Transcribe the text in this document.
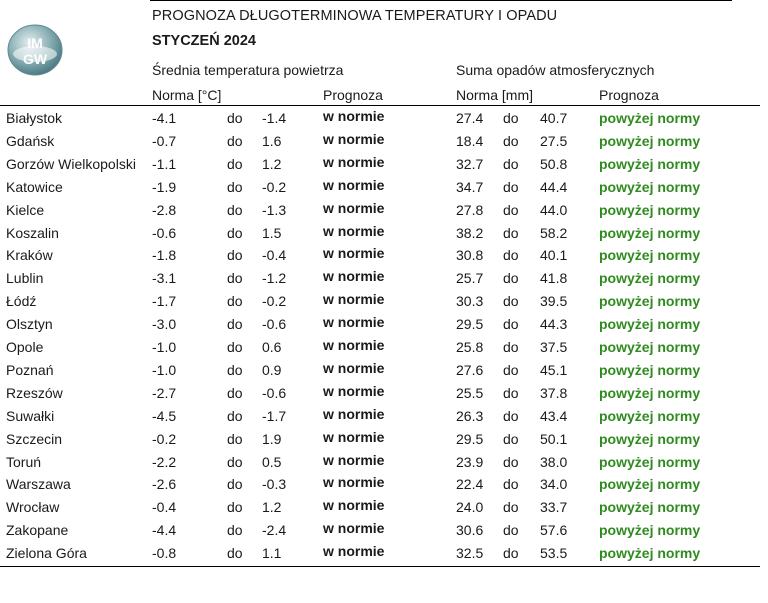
IM
GW
PROGNOZA DŁUGOTERMINOWA TEMPERATURY I OPADU
STYCZEŃ 2024
Średnia temperatura powietrza	Suma opadów atmosferycznych
Norma [°C]	Prognoza	Norma [mm]	Prognoza
Białystok	-4.1	do -1.4	w normie	27.4 do 40.7 powyżej normy
Gdańsk	-0.7	do 1.6	w normie	18.4 do 27.5 powyżej normy
Gorzów Wielkopolski -1.1	do 1.2	w normie	32.7 do 50.8 powyżej normy
Katowice	-1.9	do -0.2	w normie	34.7 do 44.4 powyżej normy
Kielce	-2.8	do -1.3	w normie	27.8 do 44.0 powyżej normy
Koszalin	-0.6	do 1.5	w normie	38.2 do 58.2 powyżej normy
Kraków	-1.8	do -0.4	w normie	30.8 do 40.1 powyżej normy
Lublin	-3.1	do -1.2	w normie	25.7 do 41.8 powyżej normy
Łódź	-1.7	do -0.2	w normie	30.3 do 39.5 powyżej normy
Olsztyn	-3.0	do -0.6	w normie	29.5 do 44.3 powyżej normy
Opole	-1.0	do 0.6	w normie	25.8 do 37.5 powyżej normy
Poznań	-1.0	do 0.9	w normie	27.6 do 45.1 powyżej normy
Rzeszów	-2.7	do -0.6	w normie	25.5 do 37.8 powyżej normy
Suwałki	-4.5	do -1.7	w normie	26.3 do 43.4 powyżej normy
Szczecin	-0.2	do 1.9	w normie	29.5 do 50.1 powyżej normy
Toruń	-2.2	do 0.5	w normie	23.9 do 38.0 powyżej normy
Warszawa	-2.6	do -0.3	w normie	22.4 do 34.0 powyżej normy
Wrocław	-0.4	do 1.2	w normie	24.0 do 33.7 powyżej normy
Zakopane	-4.4	do -2.4	w normie	30.6 do 57.6 powyżej normy
Zielona Góra	-0.8	do 1.1	w normie	32.5 do 53.5 powyżej normy
